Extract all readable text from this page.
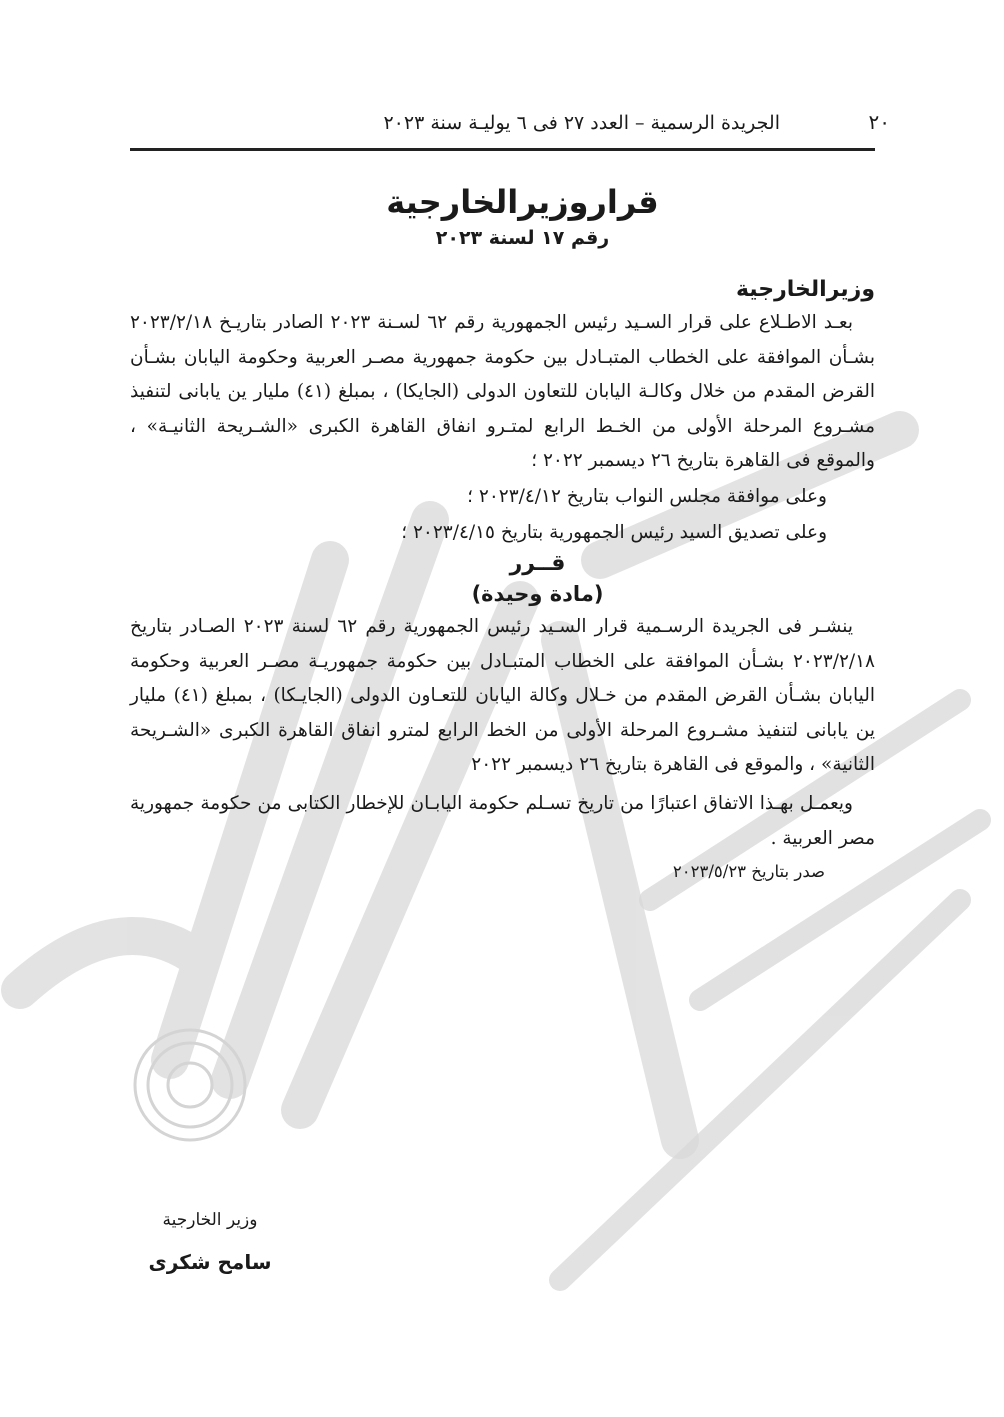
٢٠
الجريدة الرسمية – العدد ٢٧ فى ٦ يوليـة سنة ٢٠٢٣
قراروزيرالخارجية
رقم ١٧ لسنة ٢٠٢٣
وزيرالخارجية

بعـد الاطـلاع على قرار السـيد رئيس الجمهورية رقم ٦٢ لسـنة ٢٠٢٣ الصادر بتاريـخ ٢٠٢٣/٢/١٨ بشـأن الموافقة على الخطاب المتبـادل بين حكومة جمهورية مصـر العربية وحكومة اليابان بشـأن القرض المقدم من خلال وكالـة اليابان للتعاون الدولى (الجايكا) ، بمبلغ (٤١) مليار ين يابانى لتنفيذ مشـروع المرحلة الأولى من الخـط الرابع لمتـرو انفاق القاهرة الكبرى «الشـريحة الثانيـة» ، والموقع فى القاهرة بتاريخ ٢٦ ديسمبر ٢٠٢٢ ؛

وعلى موافقة مجلس النواب بتاريخ ٢٠٢٣/٤/١٢ ؛
وعلى تصديق السيد رئيس الجمهورية بتاريخ ٢٠٢٣/٤/١٥ ؛
قــرر
(مادة وحيدة)

ينشـر فى الجريدة الرسـمية قرار السـيد رئيس الجمهورية رقم ٦٢ لسنة ٢٠٢٣ الصـادر بتاريخ ٢٠٢٣/٢/١٨ بشـأن الموافقة على الخطاب المتبـادل بين حكومة جمهوريـة مصـر العربية وحكومة اليابان بشـأن القرض المقدم من خـلال وكالة اليابان للتعـاون الدولى (الجايـكا) ، بمبلغ (٤١) مليار ين يابانى لتنفيذ مشـروع المرحلة الأولى من الخط الرابع لمترو انفاق القاهرة الكبرى «الشـريحة الثانية» ، والموقع فى القاهرة بتاريخ ٢٦ ديسمبر ٢٠٢٢

ويعمـل بهـذا الاتفاق اعتبارًا من تاريخ تسـلم حكومة اليابـان للإخطار الكتابى من حكومة جمهورية مصر العربية .

صدر بتاريخ ٢٠٢٣/٥/٢٣
وزير الخارجية
سامح شكرى
